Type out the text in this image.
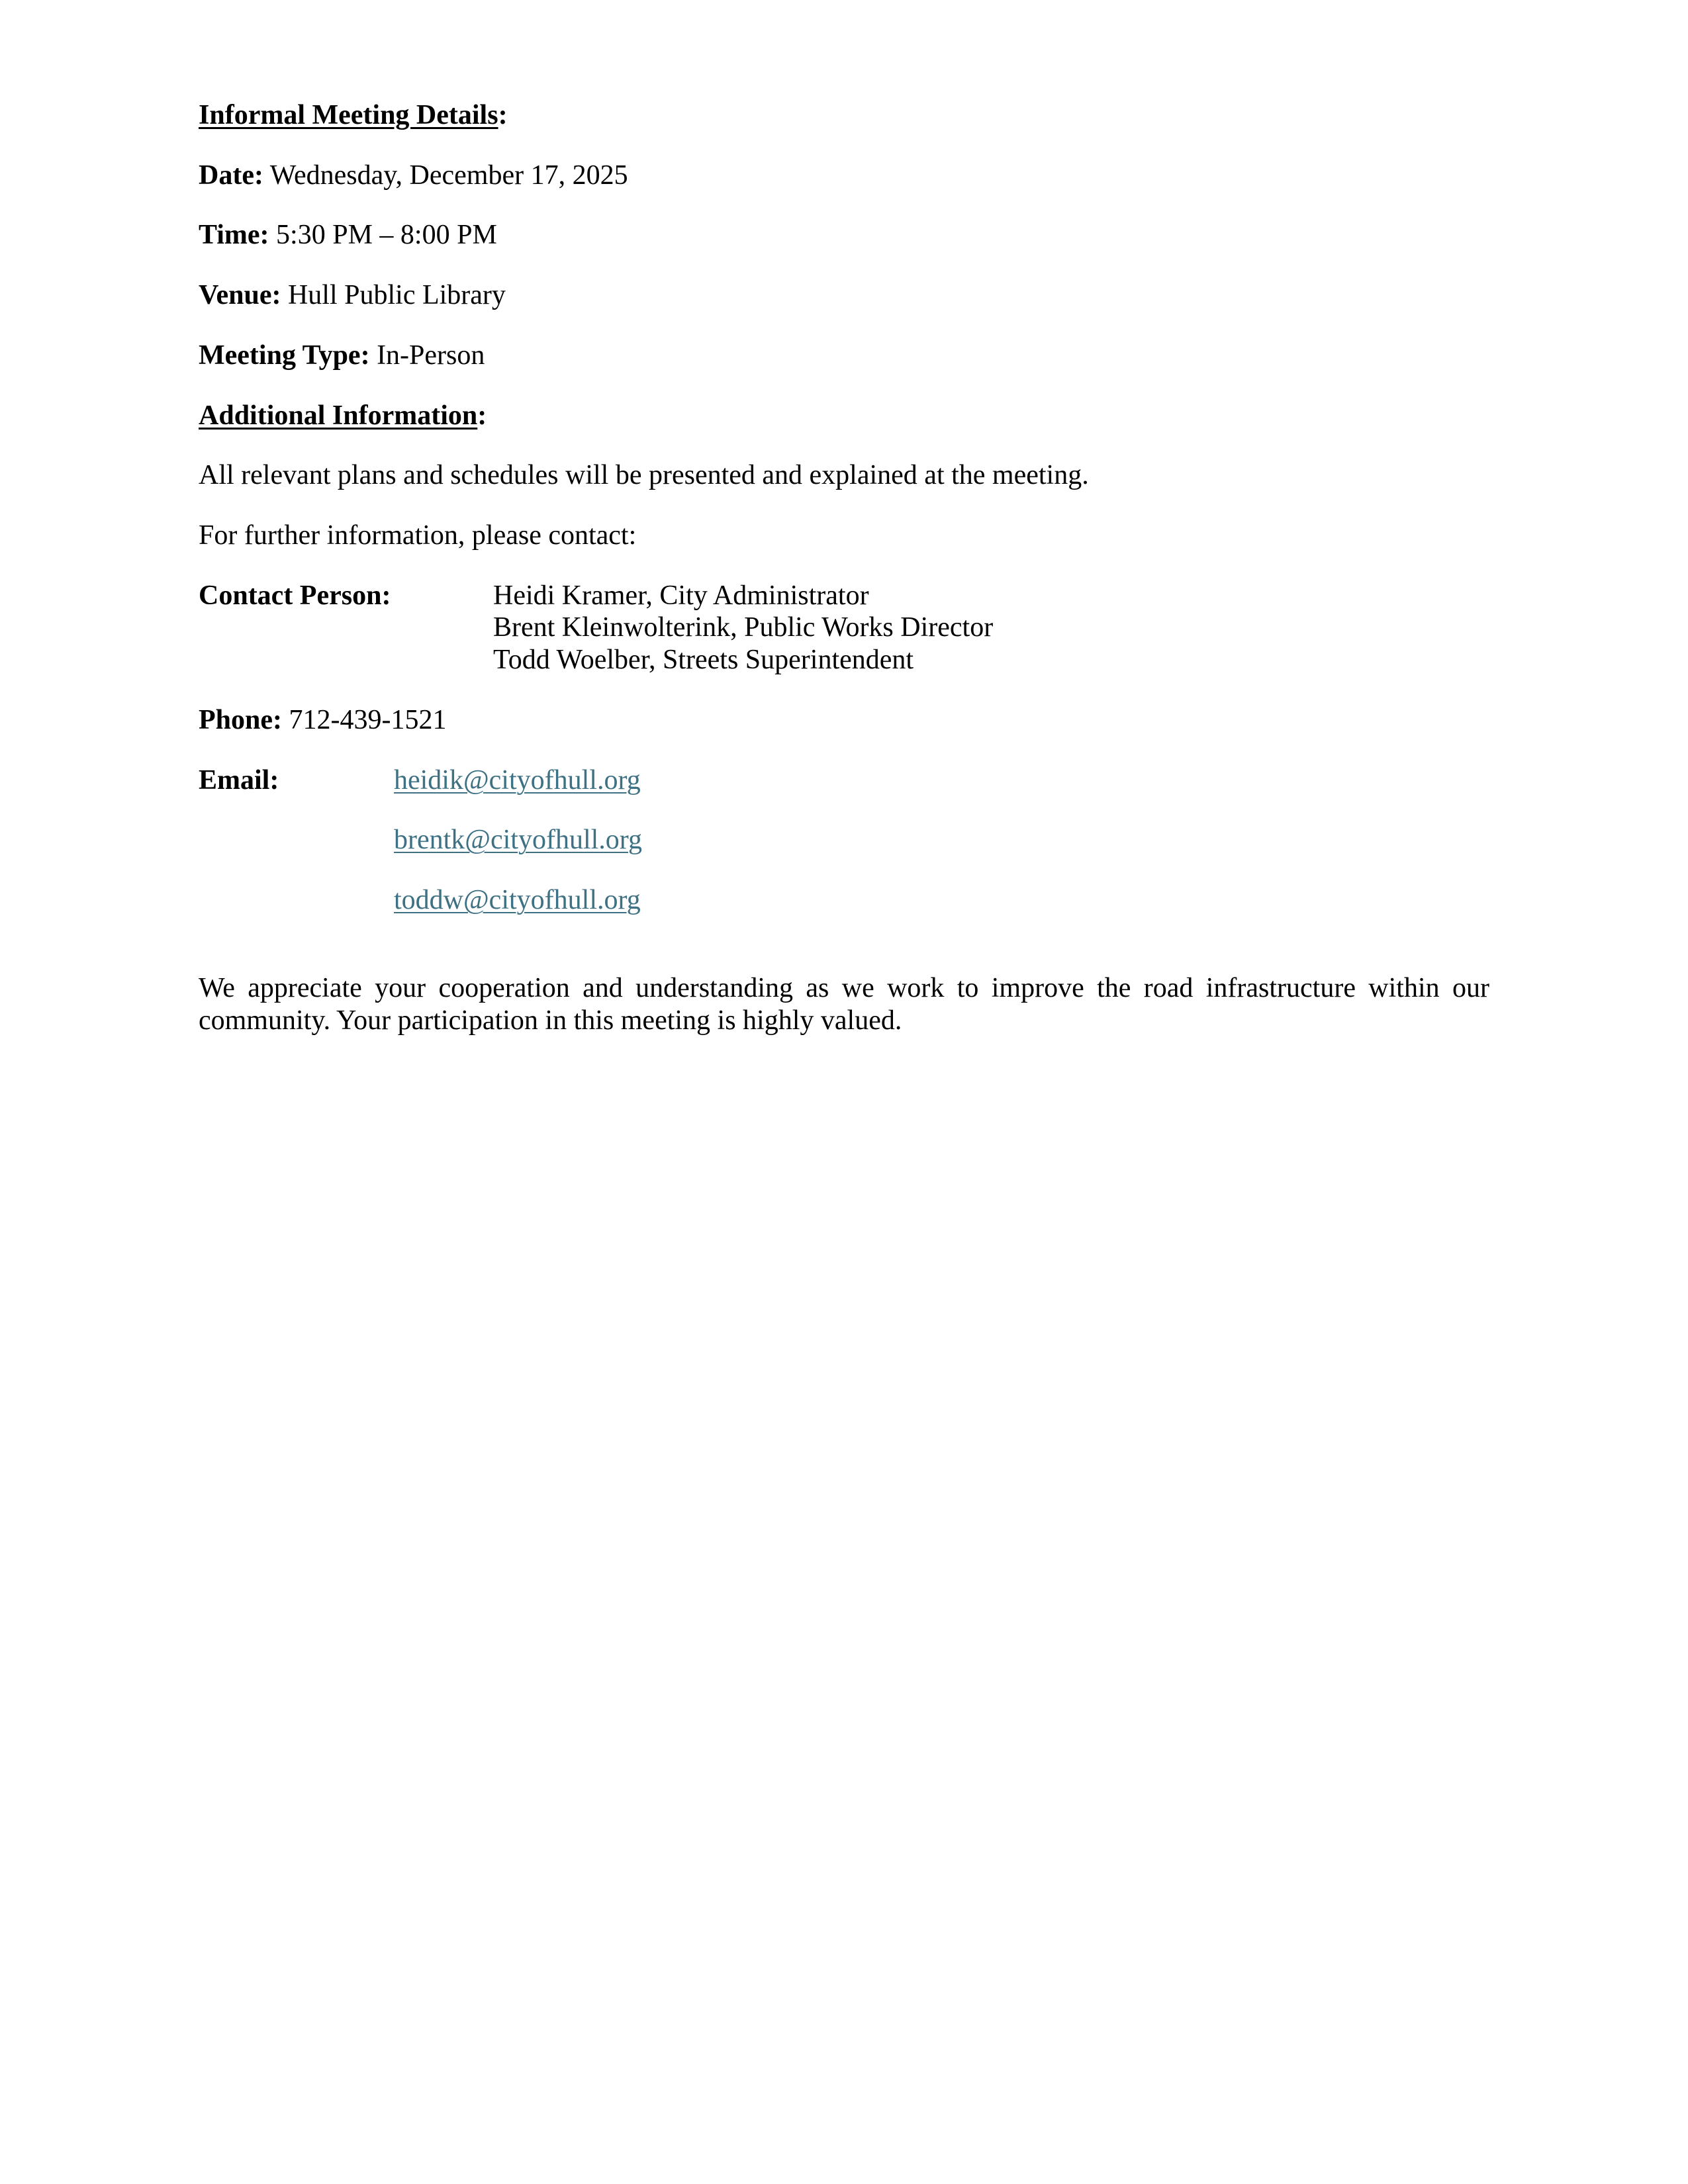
Informal Meeting Details:

Date: Wednesday, December 17, 2025

Time: 5:30 PM – 8:00 PM

Venue: Hull Public Library

Meeting Type: In-Person

Additional Information:

All relevant plans and schedules will be presented and explained at the meeting.

For further information, please contact:

Contact Person:	Heidi Kramer, City Administrator
Brent Kleinwolterink, Public Works Director
Todd Woelber, Streets Superintendent

Phone: 712-439-1521

Email:	heidik@cityofhull.org
brentk@cityofhull.org
toddw@cityofhull.org

We appreciate your cooperation and understanding as we work to improve the road infrastructure within our community. Your participation in this meeting is highly valued.
